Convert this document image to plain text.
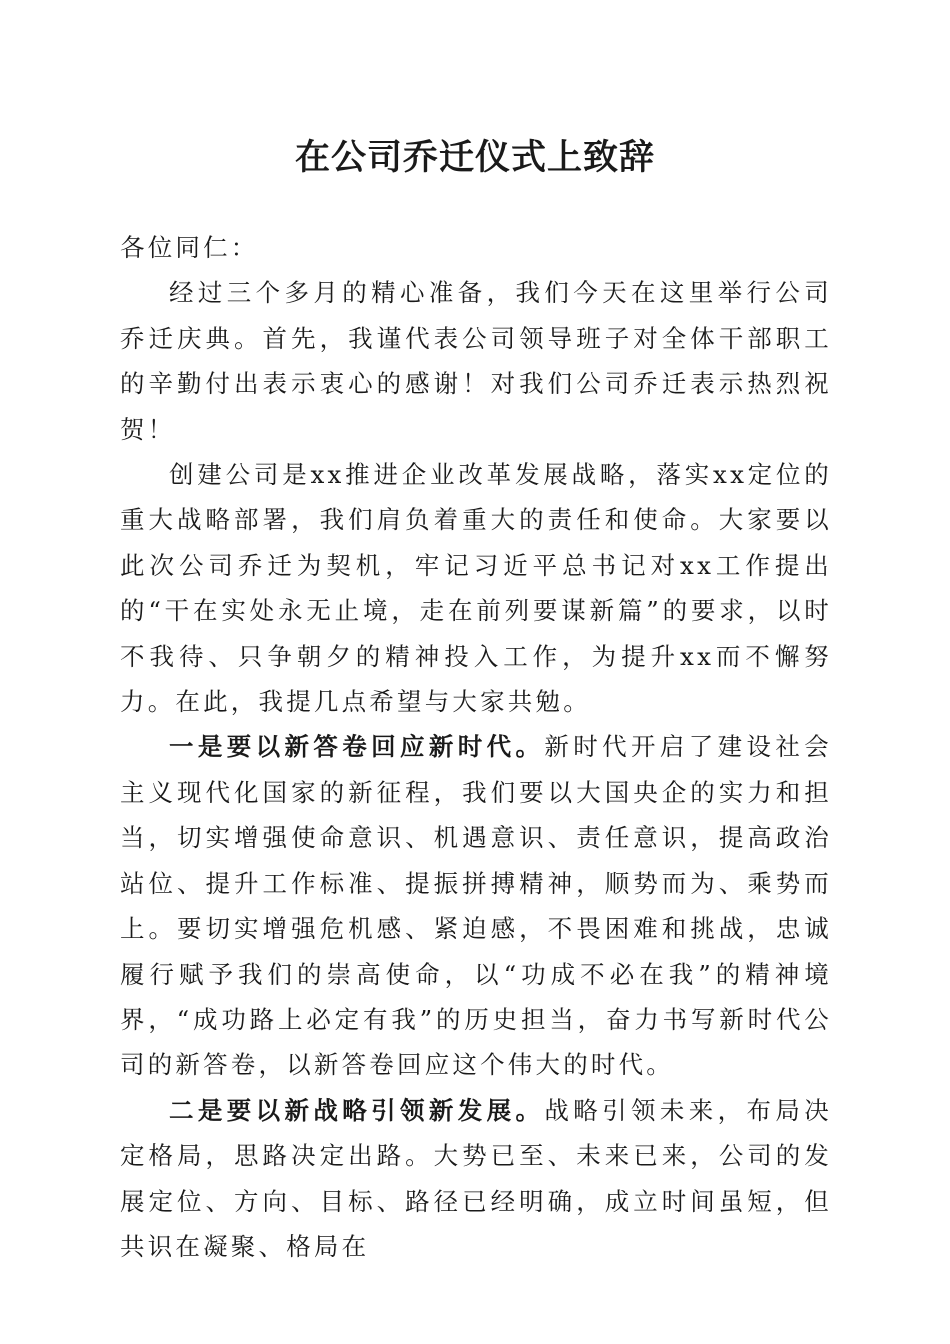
在公司乔迁仪式上致辞

各位同仁：

经过三个多月的精心准备，我们今天在这里举行公司乔迁庆典。首先，我谨代表公司领导班子对全体干部职工的辛勤付出表示衷心的感谢！对我们公司乔迁表示热烈祝贺！

创建公司是xx推进企业改革发展战略，落实xx定位的重大战略部署，我们肩负着重大的责任和使命。大家要以此次公司乔迁为契机，牢记习近平总书记对xx工作提出的“干在实处永无止境，走在前列要谋新篇”的要求，以时不我待、只争朝夕的精神投入工作，为提升xx而不懈努力。在此，我提几点希望与大家共勉。

一是要以新答卷回应新时代。新时代开启了建设社会主义现代化国家的新征程，我们要以大国央企的实力和担当，切实增强使命意识、机遇意识、责任意识，提高政治站位、提升工作标准、提振拼搏精神，顺势而为、乘势而上。要切实增强危机感、紧迫感，不畏困难和挑战，忠诚履行赋予我们的崇高使命，以“功成不必在我”的精神境界，“成功路上必定有我”的历史担当，奋力书写新时代公司的新答卷，以新答卷回应这个伟大的时代。

二是要以新战略引领新发展。战略引领未来，布局决定格局，思路决定出路。大势已至、未来已来，公司的发展定位、方向、目标、路径已经明确，成立时间虽短，但共识在凝聚、格局在
